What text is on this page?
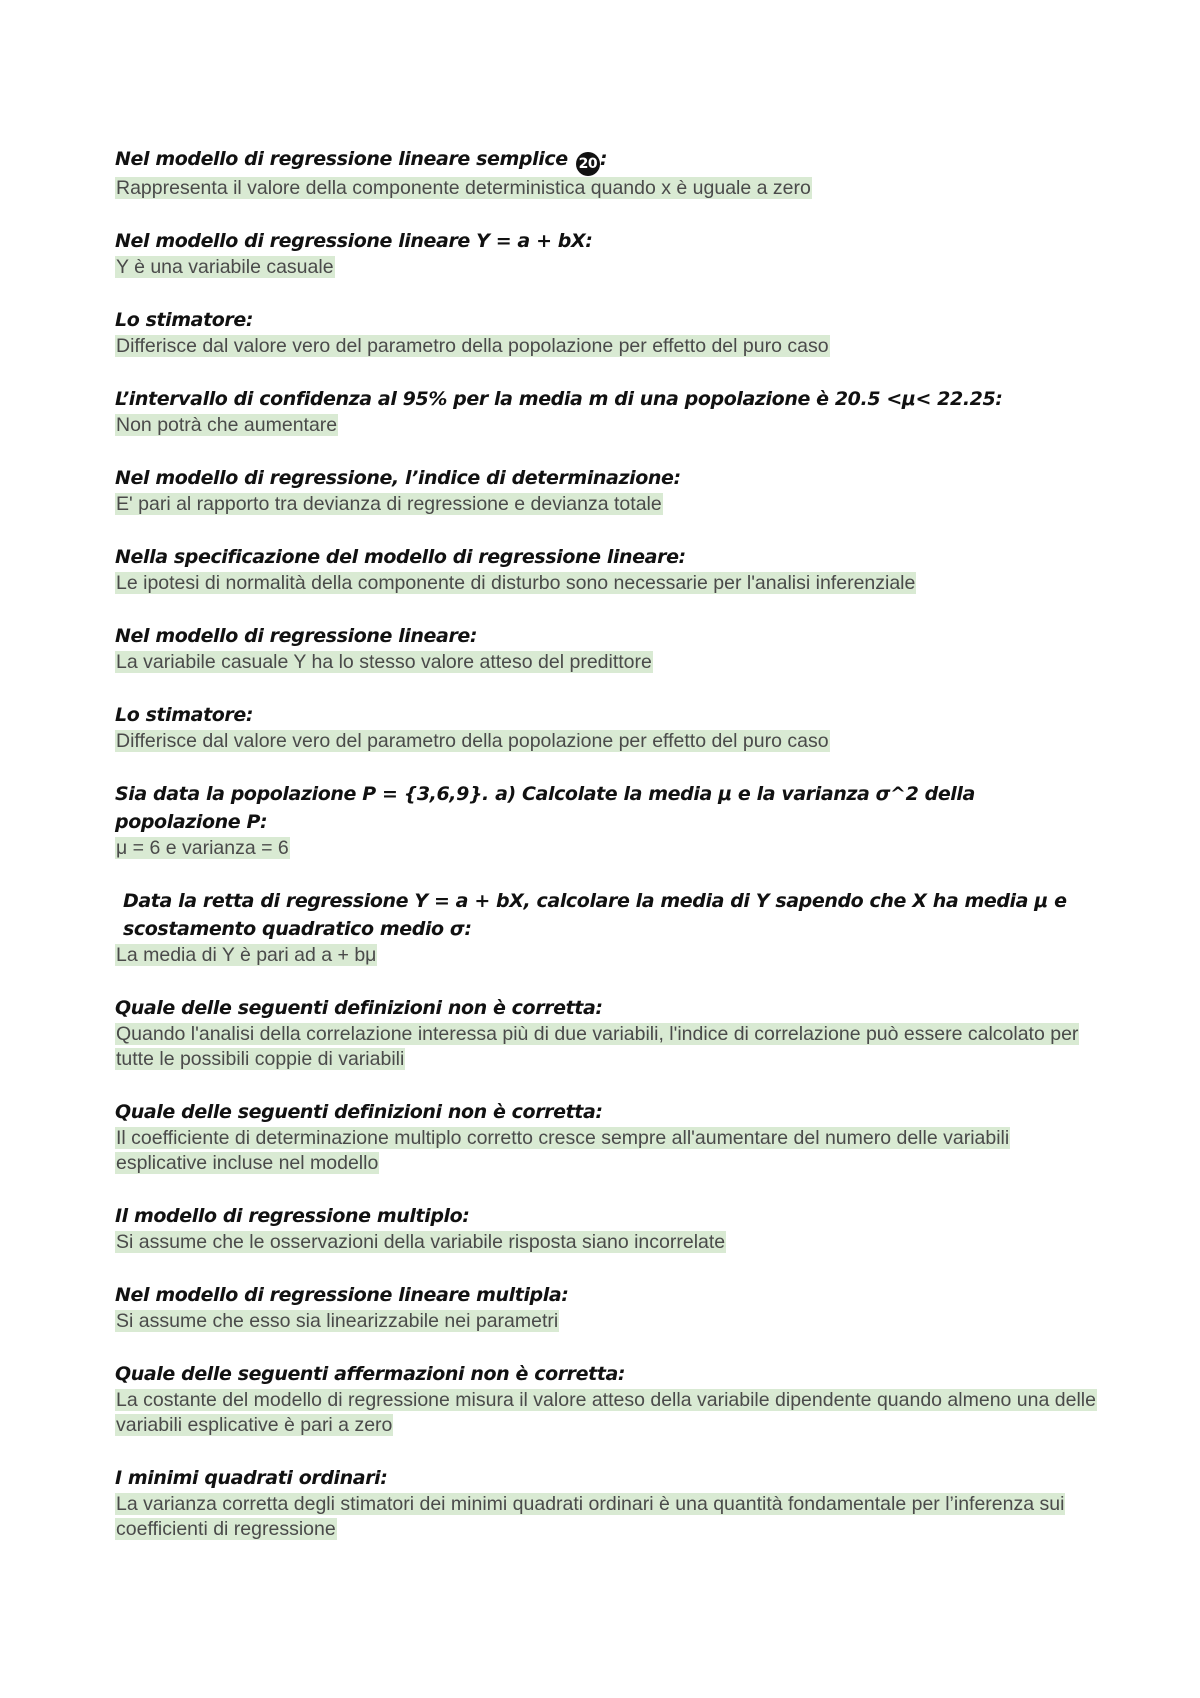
Nel modello di regressione lineare semplice 20 :

Rappresenta il valore della componente deterministica quando x è uguale a zero

Nel modello di regressione lineare Y = a + bX:

Y è una variabile casuale

Lo stimatore:

Differisce dal valore vero del parametro della popolazione per effetto del puro caso

L’intervallo di confidenza al 95% per la media m di una popolazione è 20.5 <μ< 22.25:

Non potrà che aumentare

Nel modello di regressione, l’indice di determinazione:

E' pari al rapporto tra devianza di regressione e devianza totale

Nella specificazione del modello di regressione lineare:

Le ipotesi di normalità della componente di disturbo sono necessarie per l'analisi inferenziale

Nel modello di regressione lineare:

La variabile casuale Y ha lo stesso valore atteso del predittore

Lo stimatore:

Differisce dal valore vero del parametro della popolazione per effetto del puro caso

Sia data la popolazione P = {3,6,9}. a) Calcolate la media μ e la varianza σ^2 della popolazione P:

μ = 6 e varianza = 6

Data la retta di regressione Y = a + bX, calcolare la media di Y sapendo che X ha media μ e scostamento quadratico medio σ:

La media di Y è pari ad a + bμ

Quale delle seguenti definizioni non è corretta:

Quando l'analisi della correlazione interessa più di due variabili, l'indice di correlazione può essere calcolato per tutte le possibili coppie di variabili

Quale delle seguenti definizioni non è corretta:

Il coefficiente di determinazione multiplo corretto cresce sempre all'aumentare del numero delle variabili esplicative incluse nel modello

Il modello di regressione multiplo:

Si assume che le osservazioni della variabile risposta siano incorrelate

Nel modello di regressione lineare multipla:

Si assume che esso sia linearizzabile nei parametri

Quale delle seguenti affermazioni non è corretta:

La costante del modello di regressione misura il valore atteso della variabile dipendente quando almeno una delle variabili esplicative è pari a zero

I minimi quadrati ordinari:

La varianza corretta degli stimatori dei minimi quadrati ordinari è una quantità fondamentale per l’inferenza sui coefficienti di regressione
